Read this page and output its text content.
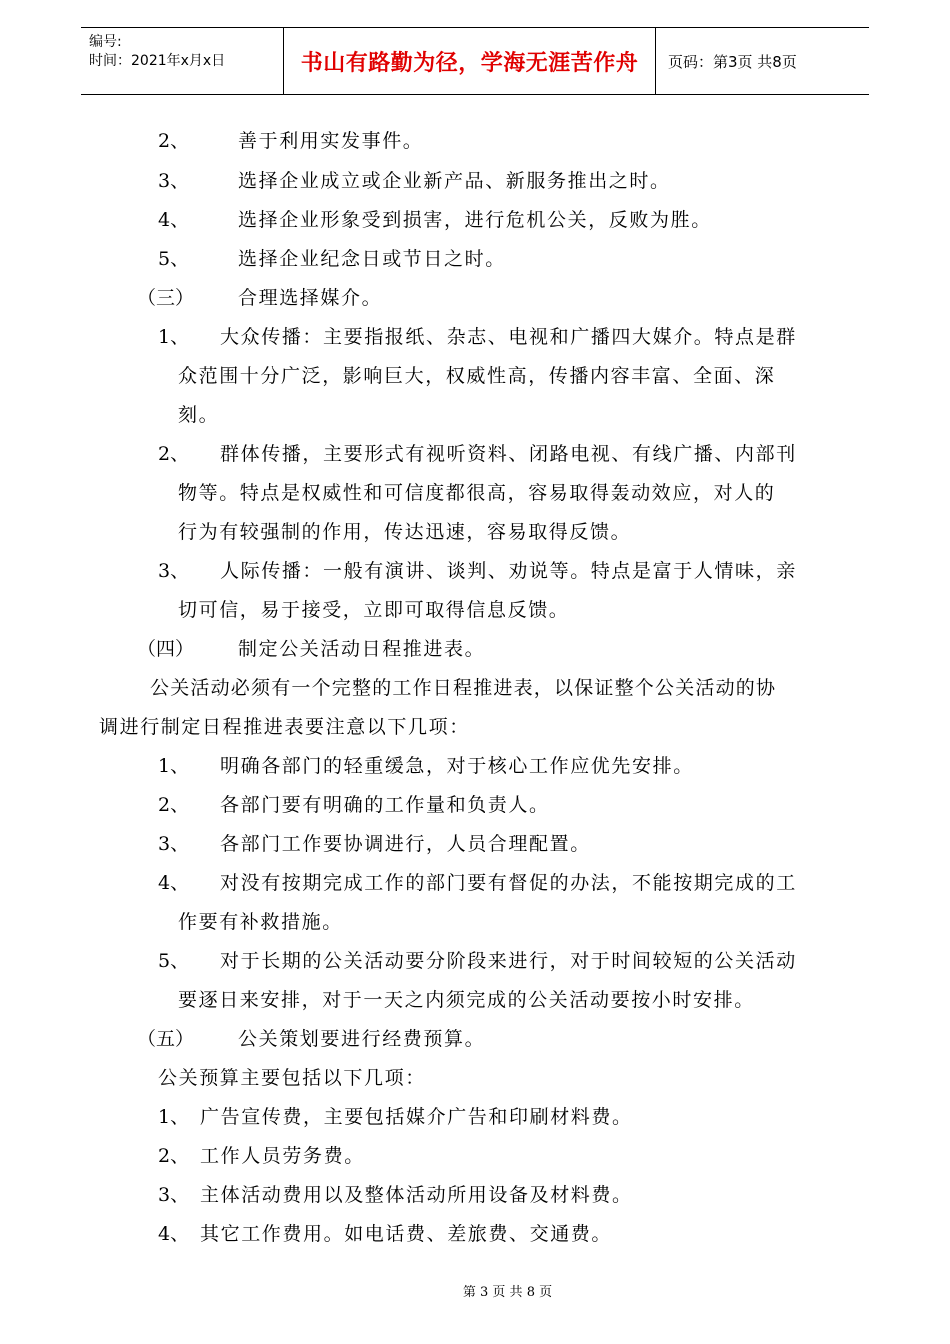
编号:
时间：2021年x月x日	书山有路勤为径，学海无涯苦作舟 页码：第3页 共8页
2、	善于利用实发事件。
3、	选择企业成立或企业新产品、新服务推出之时。
4、	选择企业形象受到损害，进行危机公关，反败为胜。
5、	选择企业纪念日或节日之时。
（三） 合理选择媒介。
1、 大众传播：主要指报纸、杂志、电视和广播四大媒介。特点是群
众范围十分广泛，影响巨大，权威性高，传播内容丰富、全面、深
刻。
2、 群体传播，主要形式有视听资料、闭路电视、有线广播、内部刊
物等。特点是权威性和可信度都很高，容易取得轰动效应，对人的
行为有较强制的作用，传达迅速，容易取得反馈。
3、 人际传播：一般有演讲、谈判、劝说等。特点是富于人情味，亲
切可信，易于接受，立即可取得信息反馈。
（四） 制定公关活动日程推进表。
公关活动必须有一个完整的工作日程推进表，以保证整个公关活动的协
调进行制定日程推进表要注意以下几项：
1、 明确各部门的轻重缓急，对于核心工作应优先安排。
2、 各部门要有明确的工作量和负责人。
3、 各部门工作要协调进行，人员合理配置。
4、 对没有按期完成工作的部门要有督促的办法，不能按期完成的工
作要有补救措施。
5、 对于长期的公关活动要分阶段来进行，对于时间较短的公关活动
要逐日来安排，对于一天之内须完成的公关活动要按小时安排。
（五） 公关策划要进行经费预算。
公关预算主要包括以下几项：
1、 广告宣传费，主要包括媒介广告和印刷材料费。
2、 工作人员劳务费。
3、 主体活动费用以及整体活动所用设备及材料费。
4、 其它工作费用。如电话费、差旅费、交通费。
第 3 页 共 8 页
